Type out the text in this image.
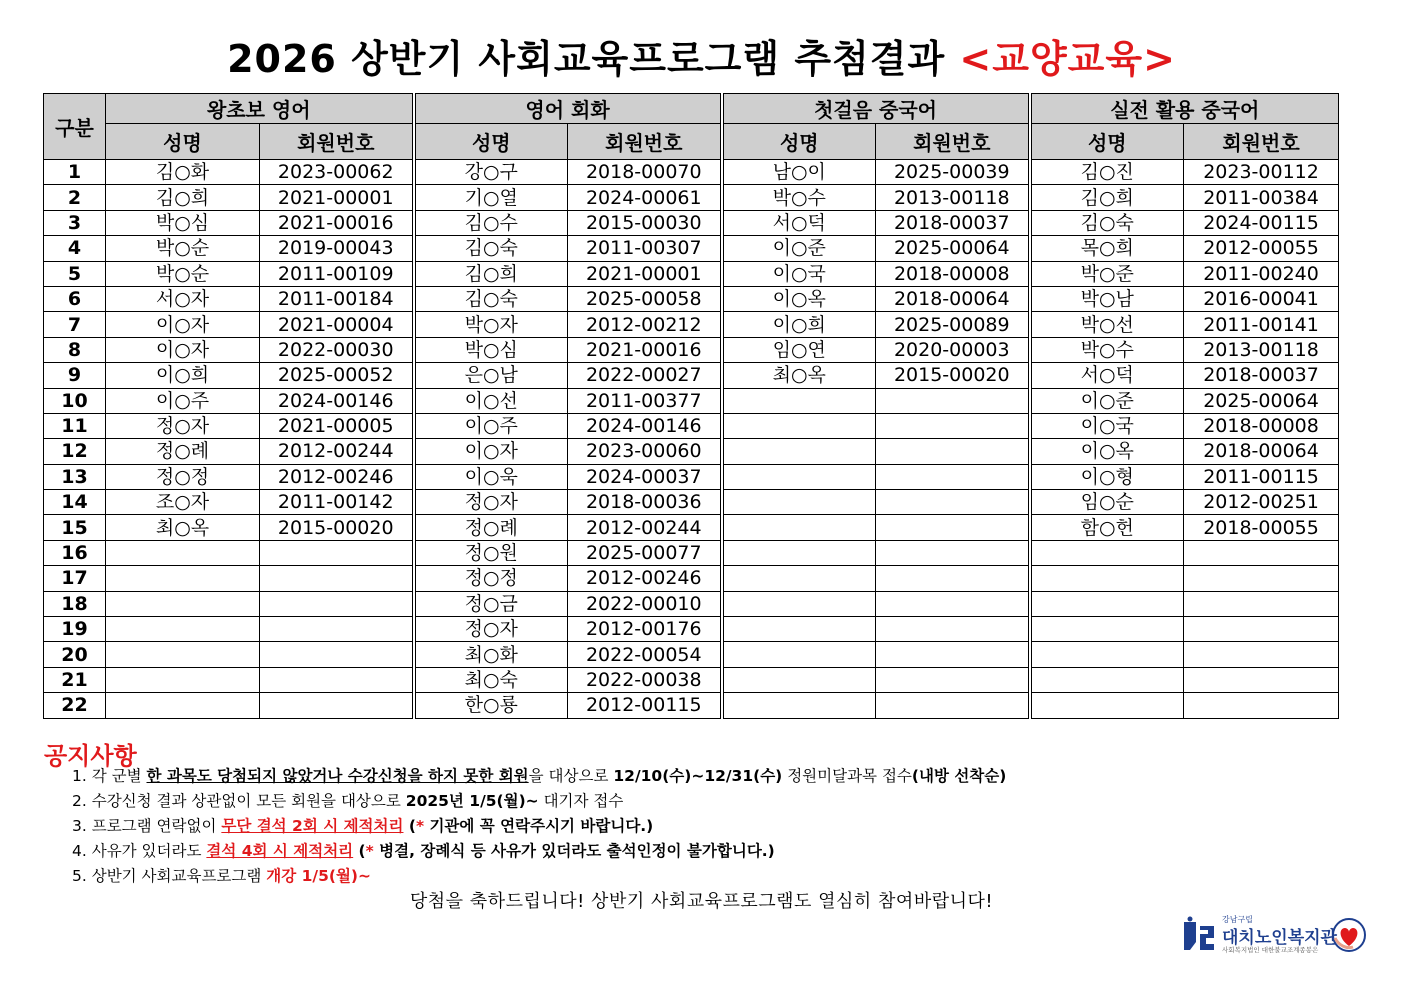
2026 상반기 사회교육프로그램 추첨결과 <교양교육>
구분	왕초보 영어		영어 회화		첫걸음 중국어		실전 활용 중국어	
	성명	회원번호	성명	회원번호	성명	회원번호	성명	회원번호
1	김○화	2023-00062	강○구	2018-00070	남○이	2025-00039	김○진	2023-00112
2	김○희	2021-00001	기○열	2024-00061	박○수	2013-00118	김○희	2011-00384
3	박○심	2021-00016	김○수	2015-00030	서○덕	2018-00037	김○숙	2024-00115
4	박○순	2019-00043	김○숙	2011-00307	이○준	2025-00064	목○희	2012-00055
5	박○순	2011-00109	김○희	2021-00001	이○국	2018-00008	박○준	2011-00240
6	서○자	2011-00184	김○숙	2025-00058	이○옥	2018-00064	박○남	2016-00041
7	이○자	2021-00004	박○자	2012-00212	이○희	2025-00089	박○선	2011-00141
8	이○자	2022-00030	박○심	2021-00016	임○연	2020-00003	박○수	2013-00118
9	이○희	2025-00052	은○남	2022-00027	최○옥	2015-00020	서○덕	2018-00037
10	이○주	2024-00146	이○선	2011-00377			이○준	2025-00064
11	정○자	2021-00005	이○주	2024-00146			이○국	2018-00008
12	정○례	2012-00244	이○자	2023-00060			이○옥	2018-00064
13	정○정	2012-00246	이○욱	2024-00037			이○형	2011-00115
14	조○자	2011-00142	정○자	2018-00036			임○순	2012-00251
15	최○옥	2015-00020	정○례	2012-00244			함○헌	2018-00055
16			정○원	2025-00077				
17			정○정	2012-00246				
18			정○금	2022-00010				
19			정○자	2012-00176				
20			최○화	2022-00054				
21			최○숙	2022-00038				
22			한○룡	2012-00115				
공지사항
1. 각 군별 한 과목도 당첨되지 않았거나 수강신청을 하지 못한 회원을 대상으로 12/10(수)~12/31(수) 정원미달과목 접수(내방 선착순)
2. 수강신청 결과 상관없이 모든 회원을 대상으로 2025년 1/5(월)~ 대기자 접수
3. 프로그램 연락없이 무단 결석 2회 시 제적처리 (* 기관에 꼭 연락주시기 바랍니다.)
4. 사유가 있더라도 결석 4회 시 제적처리 (* 병결, 장례식 등 사유가 있더라도 출석인정이 불가합니다.)
5. 상반기 사회교육프로그램 개강 1/5(월)~
당첨을 축하드립니다! 상반기 사회교육프로그램도 열심히 참여바랍니다!
강남구립
대치노인복지관
사회복지법인 대한불교조계종봉은
